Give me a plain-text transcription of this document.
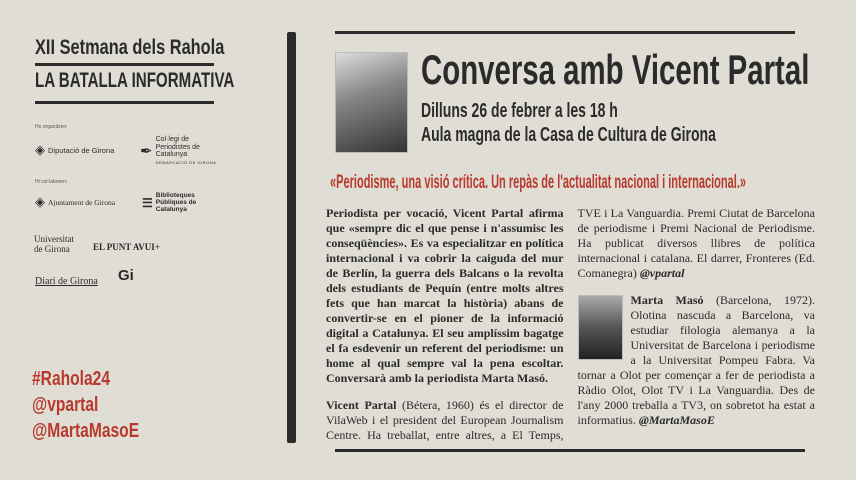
XII Setmana dels Rahola
LA BATALLA INFORMATIVA
Ho organitzen:
◈ Diputació de Girona ✒
Col·legi de Periodistes de Catalunya
DEMARCACIÓ DE GIRONA
Hi col·laboren:
◈ Ajuntament de Girona ☰ Biblioteques Públiques de Catalunya
Universitat de Girona	EL PUNT AVUI+
Diari de Girona Gi
#Rahola24
@vpartal
@MartaMasoE
Conversa amb Vicent Partal
Dilluns 26 de febrer a les 18 h
Aula magna de la Casa de Cultura de Girona
«Periodisme, una visió crítica. Un repàs de l'actualitat nacional i internacional.»

Periodista per vocació, Vicent Partal afirma que «sempre dic el que pense i n'assumisc les conseqüències». Es va especialitzar en política internacional i va cobrir la caiguda del mur de Berlín, la guerra dels Balcans o la revolta dels estudiants de Pequín (entre molts altres fets que han marcat la història) abans de convertir-se en el pioner de la informació digital a Catalunya. El seu amplíssim bagatge el fa esdevenir un referent del periodisme: un home al qual sempre val la pena escoltar. Conversarà amb la periodista Marta Masó.

Vicent Partal (Bétera, 1960) és el director de VilaWeb i el president del European Journalism Centre. Ha treballat, entre altres, a El Temps, TVE i La Vanguardia. Premi Ciutat de Barcelona de periodisme i Premi Nacional de Periodisme. Ha publicat diversos llibres de política internacional i catalana. El darrer, Fronteres (Ed. Comanegra) @vpartal

Marta Masó (Barcelona, 1972). Olotina nascuda a Barcelona, va estudiar filologia alemanya a la Universitat de Barcelona i periodisme a la Universitat Pompeu Fabra. Va tornar a Olot per començar a fer de periodista a Ràdio Olot, Olot TV i La Vanguardia. Des de l'any 2000 treballa a TV3, on sobretot ha estat a informatius. @MartaMasoE
